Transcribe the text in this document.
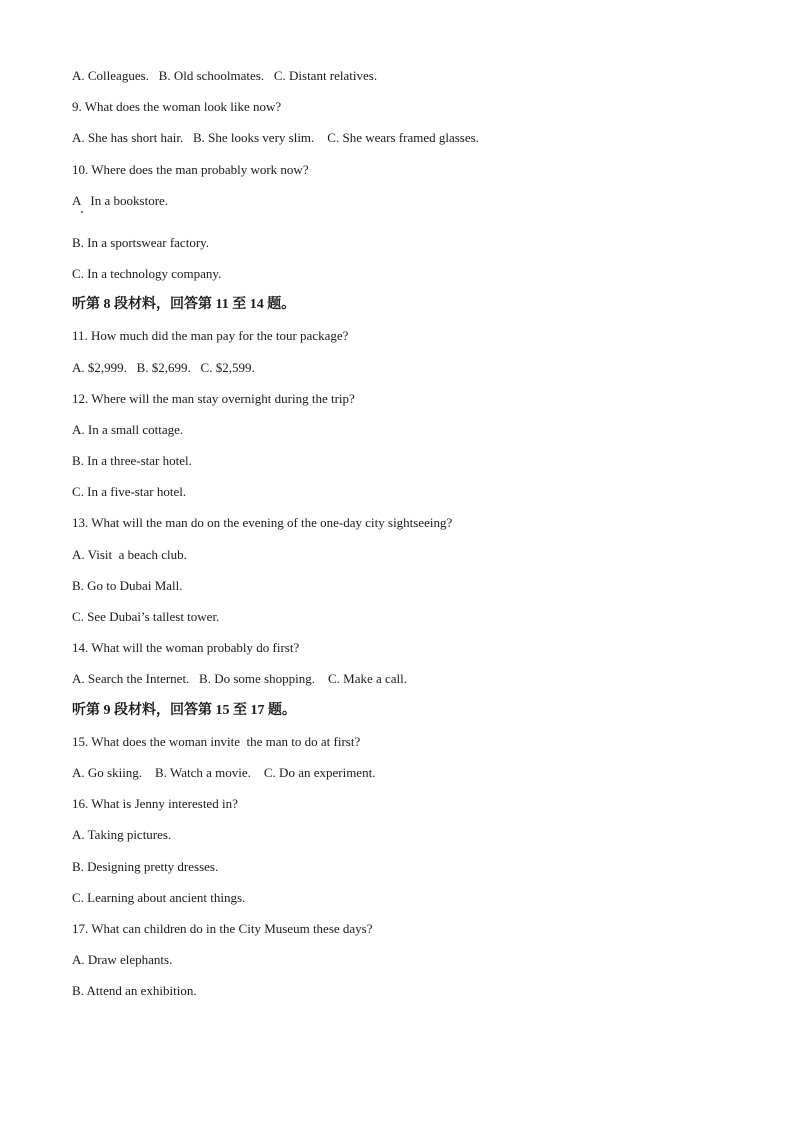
A. Colleagues.   B. Old schoolmates.   C. Distant relatives.
9. What does the woman look like now?
A. She has short hair.   B. She looks very slim.    C. She wears framed glasses.
10. Where does the man probably work now?
A   In a bookstore.
B. In a sportswear factory.
C. In a technology company.
听第 8 段材料，回答第 11 至 14 题。
11. How much did the man pay for the tour package?
A. $2,999.   B. $2,699.   C. $2,599.
12. Where will the man stay overnight during the trip?
A. In a small cottage.
B. In a three-star hotel.
C. In a five-star hotel.
13. What will the man do on the evening of the one-day city sightseeing?
A. Visit  a beach club.
B. Go to Dubai Mall.
C. See Dubai’s tallest tower.
14. What will the woman probably do first?
A. Search the Internet.   B. Do some shopping.    C. Make a call.
听第 9 段材料，回答第 15 至 17 题。
15. What does the woman invite  the man to do at first?
A. Go skiing.    B. Watch a movie.    C. Do an experiment.
16. What is Jenny interested in?
A. Taking pictures.
B. Designing pretty dresses.
C. Learning about ancient things.
17. What can children do in the City Museum these days?
A. Draw elephants.
B. Attend an exhibition.
